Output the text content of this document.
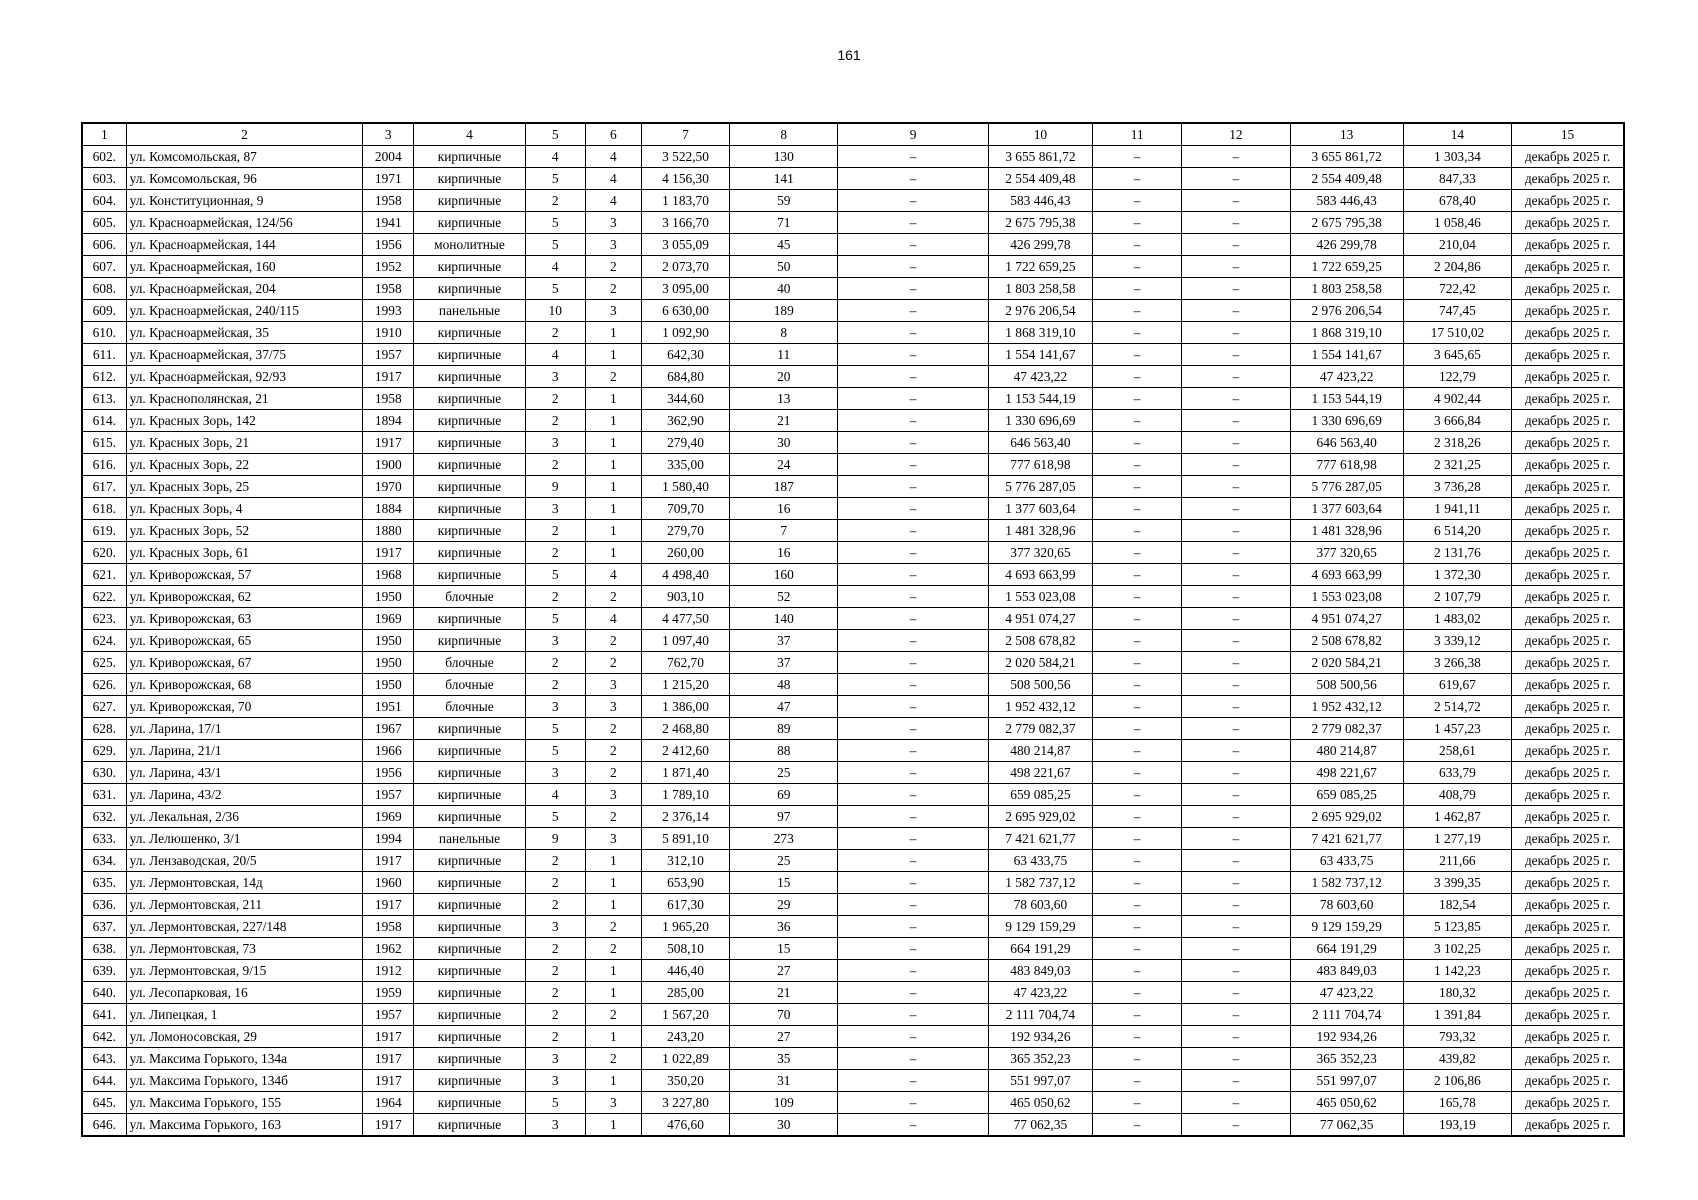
161
1	2	3	4	5	6	7	8	9	10	11	12	13	14	15
602.	ул. Комсомольская, 87	2004	кирпичные	4	4	3 522,50	130	–	3 655 861,72	–	–	3 655 861,72	1 303,34	декабрь 2025 г.
603.	ул. Комсомольская, 96	1971	кирпичные	5	4	4 156,30	141	–	2 554 409,48	–	–	2 554 409,48	847,33	декабрь 2025 г.
604.	ул. Конституционная, 9	1958	кирпичные	2	4	1 183,70	59	–	583 446,43	–	–	583 446,43	678,40	декабрь 2025 г.
605.	ул. Красноармейская, 124/56	1941	кирпичные	5	3	3 166,70	71	–	2 675 795,38	–	–	2 675 795,38	1 058,46	декабрь 2025 г.
606.	ул. Красноармейская, 144	1956	монолитные	5	3	3 055,09	45	–	426 299,78	–	–	426 299,78	210,04	декабрь 2025 г.
607.	ул. Красноармейская, 160	1952	кирпичные	4	2	2 073,70	50	–	1 722 659,25	–	–	1 722 659,25	2 204,86	декабрь 2025 г.
608.	ул. Красноармейская, 204	1958	кирпичные	5	2	3 095,00	40	–	1 803 258,58	–	–	1 803 258,58	722,42	декабрь 2025 г.
609.	ул. Красноармейская, 240/115	1993	панельные	10	3	6 630,00	189	–	2 976 206,54	–	–	2 976 206,54	747,45	декабрь 2025 г.
610.	ул. Красноармейская, 35	1910	кирпичные	2	1	1 092,90	8	–	1 868 319,10	–	–	1 868 319,10	17 510,02	декабрь 2025 г.
611.	ул. Красноармейская, 37/75	1957	кирпичные	4	1	642,30	11	–	1 554 141,67	–	–	1 554 141,67	3 645,65	декабрь 2025 г.
612.	ул. Красноармейская, 92/93	1917	кирпичные	3	2	684,80	20	–	47 423,22	–	–	47 423,22	122,79	декабрь 2025 г.
613.	ул. Краснополянская, 21	1958	кирпичные	2	1	344,60	13	–	1 153 544,19	–	–	1 153 544,19	4 902,44	декабрь 2025 г.
614.	ул. Красных Зорь, 142	1894	кирпичные	2	1	362,90	21	–	1 330 696,69	–	–	1 330 696,69	3 666,84	декабрь 2025 г.
615.	ул. Красных Зорь, 21	1917	кирпичные	3	1	279,40	30	–	646 563,40	–	–	646 563,40	2 318,26	декабрь 2025 г.
616.	ул. Красных Зорь, 22	1900	кирпичные	2	1	335,00	24	–	777 618,98	–	–	777 618,98	2 321,25	декабрь 2025 г.
617.	ул. Красных Зорь, 25	1970	кирпичные	9	1	1 580,40	187	–	5 776 287,05	–	–	5 776 287,05	3 736,28	декабрь 2025 г.
618.	ул. Красных Зорь, 4	1884	кирпичные	3	1	709,70	16	–	1 377 603,64	–	–	1 377 603,64	1 941,11	декабрь 2025 г.
619.	ул. Красных Зорь, 52	1880	кирпичные	2	1	279,70	7	–	1 481 328,96	–	–	1 481 328,96	6 514,20	декабрь 2025 г.
620.	ул. Красных Зорь, 61	1917	кирпичные	2	1	260,00	16	–	377 320,65	–	–	377 320,65	2 131,76	декабрь 2025 г.
621.	ул. Криворожская, 57	1968	кирпичные	5	4	4 498,40	160	–	4 693 663,99	–	–	4 693 663,99	1 372,30	декабрь 2025 г.
622.	ул. Криворожская, 62	1950	блочные	2	2	903,10	52	–	1 553 023,08	–	–	1 553 023,08	2 107,79	декабрь 2025 г.
623.	ул. Криворожская, 63	1969	кирпичные	5	4	4 477,50	140	–	4 951 074,27	–	–	4 951 074,27	1 483,02	декабрь 2025 г.
624.	ул. Криворожская, 65	1950	кирпичные	3	2	1 097,40	37	–	2 508 678,82	–	–	2 508 678,82	3 339,12	декабрь 2025 г.
625.	ул. Криворожская, 67	1950	блочные	2	2	762,70	37	–	2 020 584,21	–	–	2 020 584,21	3 266,38	декабрь 2025 г.
626.	ул. Криворожская, 68	1950	блочные	2	3	1 215,20	48	–	508 500,56	–	–	508 500,56	619,67	декабрь 2025 г.
627.	ул. Криворожская, 70	1951	блочные	3	3	1 386,00	47	–	1 952 432,12	–	–	1 952 432,12	2 514,72	декабрь 2025 г.
628.	ул. Ларина, 17/1	1967	кирпичные	5	2	2 468,80	89	–	2 779 082,37	–	–	2 779 082,37	1 457,23	декабрь 2025 г.
629.	ул. Ларина, 21/1	1966	кирпичные	5	2	2 412,60	88	–	480 214,87	–	–	480 214,87	258,61	декабрь 2025 г.
630.	ул. Ларина, 43/1	1956	кирпичные	3	2	1 871,40	25	–	498 221,67	–	–	498 221,67	633,79	декабрь 2025 г.
631.	ул. Ларина, 43/2	1957	кирпичные	4	3	1 789,10	69	–	659 085,25	–	–	659 085,25	408,79	декабрь 2025 г.
632.	ул. Лекальная, 2/36	1969	кирпичные	5	2	2 376,14	97	–	2 695 929,02	–	–	2 695 929,02	1 462,87	декабрь 2025 г.
633.	ул. Лелюшенко, 3/1	1994	панельные	9	3	5 891,10	273	–	7 421 621,77	–	–	7 421 621,77	1 277,19	декабрь 2025 г.
634.	ул. Лензаводская, 20/5	1917	кирпичные	2	1	312,10	25	–	63 433,75	–	–	63 433,75	211,66	декабрь 2025 г.
635.	ул. Лермонтовская, 14д	1960	кирпичные	2	1	653,90	15	–	1 582 737,12	–	–	1 582 737,12	3 399,35	декабрь 2025 г.
636.	ул. Лермонтовская, 211	1917	кирпичные	2	1	617,30	29	–	78 603,60	–	–	78 603,60	182,54	декабрь 2025 г.
637.	ул. Лермонтовская, 227/148	1958	кирпичные	3	2	1 965,20	36	–	9 129 159,29	–	–	9 129 159,29	5 123,85	декабрь 2025 г.
638.	ул. Лермонтовская, 73	1962	кирпичные	2	2	508,10	15	–	664 191,29	–	–	664 191,29	3 102,25	декабрь 2025 г.
639.	ул. Лермонтовская, 9/15	1912	кирпичные	2	1	446,40	27	–	483 849,03	–	–	483 849,03	1 142,23	декабрь 2025 г.
640.	ул. Лесопарковая, 16	1959	кирпичные	2	1	285,00	21	–	47 423,22	–	–	47 423,22	180,32	декабрь 2025 г.
641.	ул. Липецкая, 1	1957	кирпичные	2	2	1 567,20	70	–	2 111 704,74	–	–	2 111 704,74	1 391,84	декабрь 2025 г.
642.	ул. Ломоносовская, 29	1917	кирпичные	2	1	243,20	27	–	192 934,26	–	–	192 934,26	793,32	декабрь 2025 г.
643.	ул. Максима Горького, 134а	1917	кирпичные	3	2	1 022,89	35	–	365 352,23	–	–	365 352,23	439,82	декабрь 2025 г.
644.	ул. Максима Горького, 134б	1917	кирпичные	3	1	350,20	31	–	551 997,07	–	–	551 997,07	2 106,86	декабрь 2025 г.
645.	ул. Максима Горького, 155	1964	кирпичные	5	3	3 227,80	109	–	465 050,62	–	–	465 050,62	165,78	декабрь 2025 г.
646.	ул. Максима Горького, 163	1917	кирпичные	3	1	476,60	30	–	77 062,35	–	–	77 062,35	193,19	декабрь 2025 г.
